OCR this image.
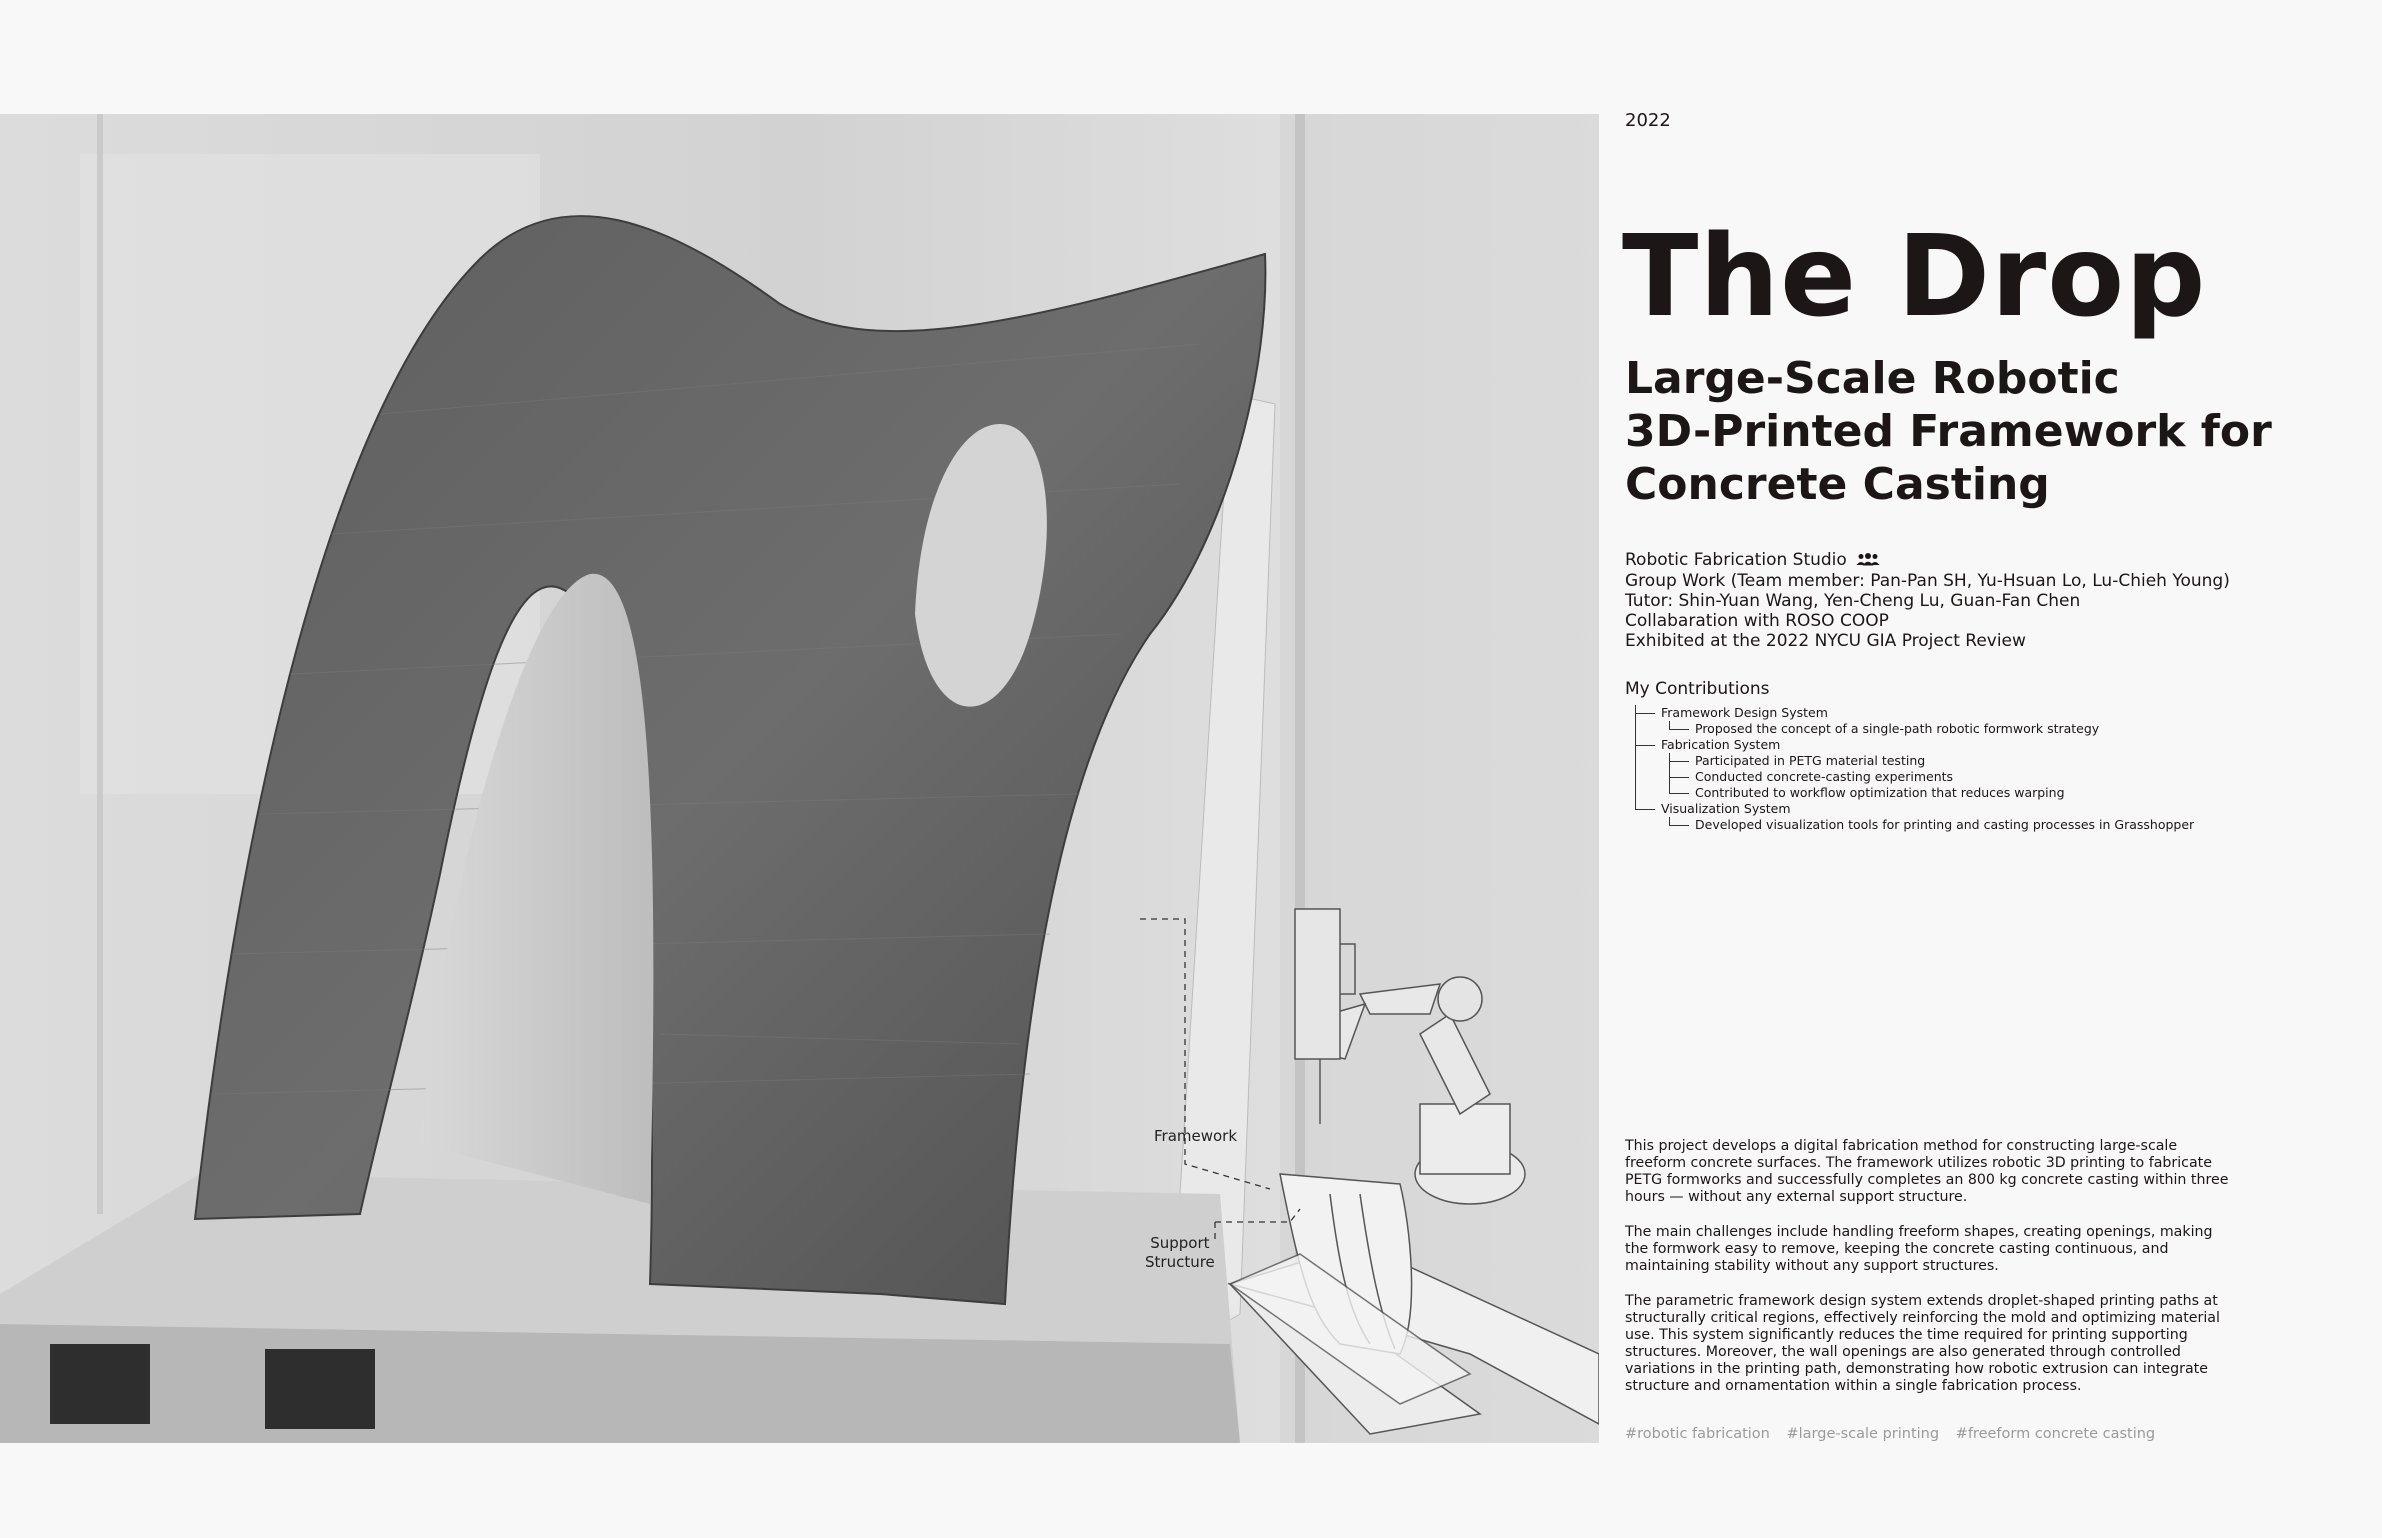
Framework
Support
Structure
2022
The Drop
Large-Scale Robotic
3D-Printed Framework for
Concrete Casting
Robotic Fabrication Studio
Group Work (Team member: Pan-Pan SH, Yu-Hsuan Lo, Lu-Chieh Young)
Tutor: Shin-Yuan Wang, Yen-Cheng Lu, Guan-Fan Chen
Collabaration with ROSO COOP
Exhibited at the 2022 NYCU GIA Project Review
My Contributions
Framework Design System
Proposed the concept of a single-path robotic formwork strategy
Fabrication System
Participated in PETG material testing
Conducted concrete-casting experiments
Contributed to workflow optimization that reduces warping
Visualization System
Developed visualization tools for printing and casting processes in Grasshopper

This project develops a digital fabrication method for constructing large-scale freeform concrete surfaces. The framework utilizes robotic 3D printing to fabricate PETG formworks and successfully completes an 800 kg concrete casting within three hours — without any external support structure.

The main challenges include handling freeform shapes, creating openings, making the formwork easy to remove, keeping the concrete casting continuous, and maintaining stability without any support structures.

The parametric framework design system extends droplet-shaped printing paths at structurally critical regions, effectively reinforcing the mold and optimizing material use. This system significantly reduces the time required for printing supporting structures. Moreover, the wall openings are also generated through controlled variations in the printing path, demonstrating how robotic extrusion can integrate structure and ornamentation within a single fabrication process.

#robotic fabrication #large-scale printing #freeform concrete casting
